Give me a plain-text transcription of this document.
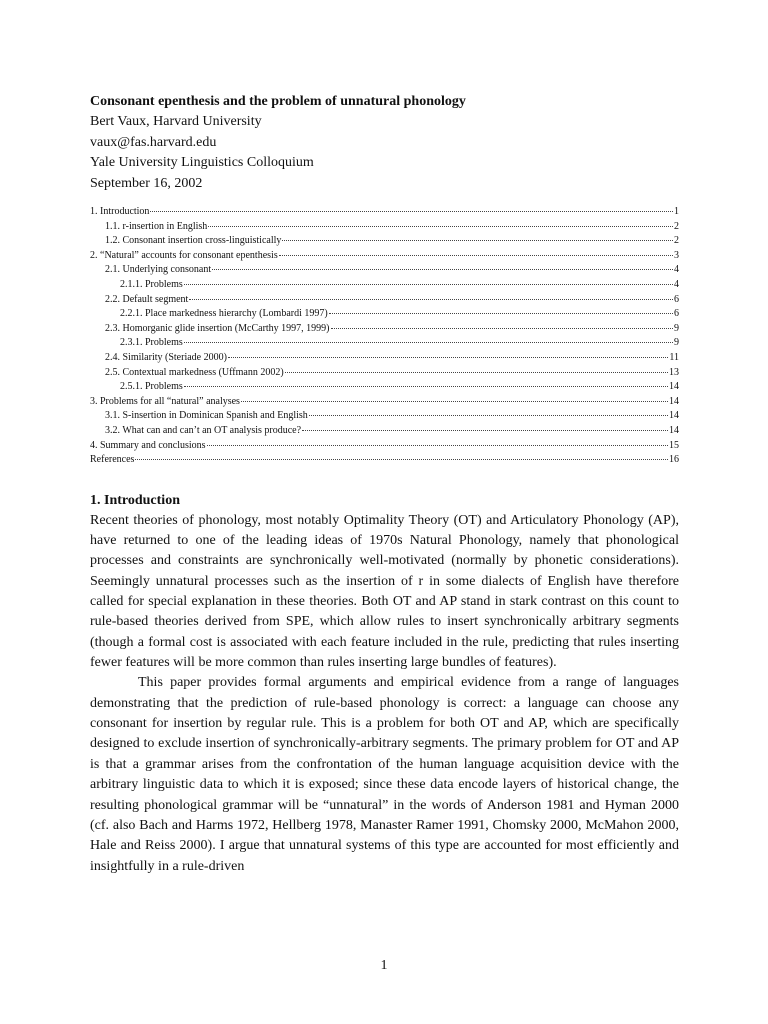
Consonant epenthesis and the problem of unnatural phonology
Bert Vaux, Harvard University
vaux@fas.harvard.edu
Yale University Linguistics Colloquium
September 16, 2002
1. Introduction	1
1.1. r-insertion in English	2
1.2. Consonant insertion cross-linguistically	2
2. “Natural” accounts for consonant epenthesis	3
2.1. Underlying consonant	4
2.1.1. Problems	4
2.2. Default segment	6
2.2.1. Place markedness hierarchy (Lombardi 1997)	6
2.3. Homorganic glide insertion (McCarthy 1997, 1999)	9
2.3.1. Problems	9
2.4. Similarity (Steriade 2000)	11
2.5. Contextual markedness (Uffmann 2002)	13
2.5.1. Problems	14
3. Problems for all “natural” analyses	14
3.1. S-insertion in Dominican Spanish and English	14
3.2. What can and can’t an OT analysis produce?	14
4. Summary and conclusions	15
References	16
1. Introduction

Recent theories of phonology, most notably Optimality Theory (OT) and Articulatory Phonology (AP), have returned to one of the leading ideas of 1970s Natural Phonology, namely that phonological processes and constraints are synchronically well-motivated (normally by phonetic considerations). Seemingly unnatural processes such as the insertion of r in some dialects of English have therefore called for special explanation in these theories. Both OT and AP stand in stark contrast on this count to rule-based theories derived from SPE, which allow rules to insert synchronically arbitrary segments (though a formal cost is associated with each feature included in the rule, predicting that rules inserting fewer features will be more common than rules inserting large bundles of features).

This paper provides formal arguments and empirical evidence from a range of languages demonstrating that the prediction of rule-based phonology is correct: a language can choose any consonant for insertion by regular rule. This is a problem for both OT and AP, which are specifically designed to exclude insertion of synchronically-arbitrary segments. The primary problem for OT and AP is that a grammar arises from the confrontation of the human language acquisition device with the arbitrary linguistic data to which it is exposed; since these data encode layers of historical change, the resulting phonological grammar will be “unnatural” in the words of Anderson 1981 and Hyman 2000 (cf. also Bach and Harms 1972, Hellberg 1978, Manaster Ramer 1991, Chomsky 2000, McMahon 2000, Hale and Reiss 2000). I argue that unnatural systems of this type are accounted for most efficiently and insightfully in a rule-driven

1
